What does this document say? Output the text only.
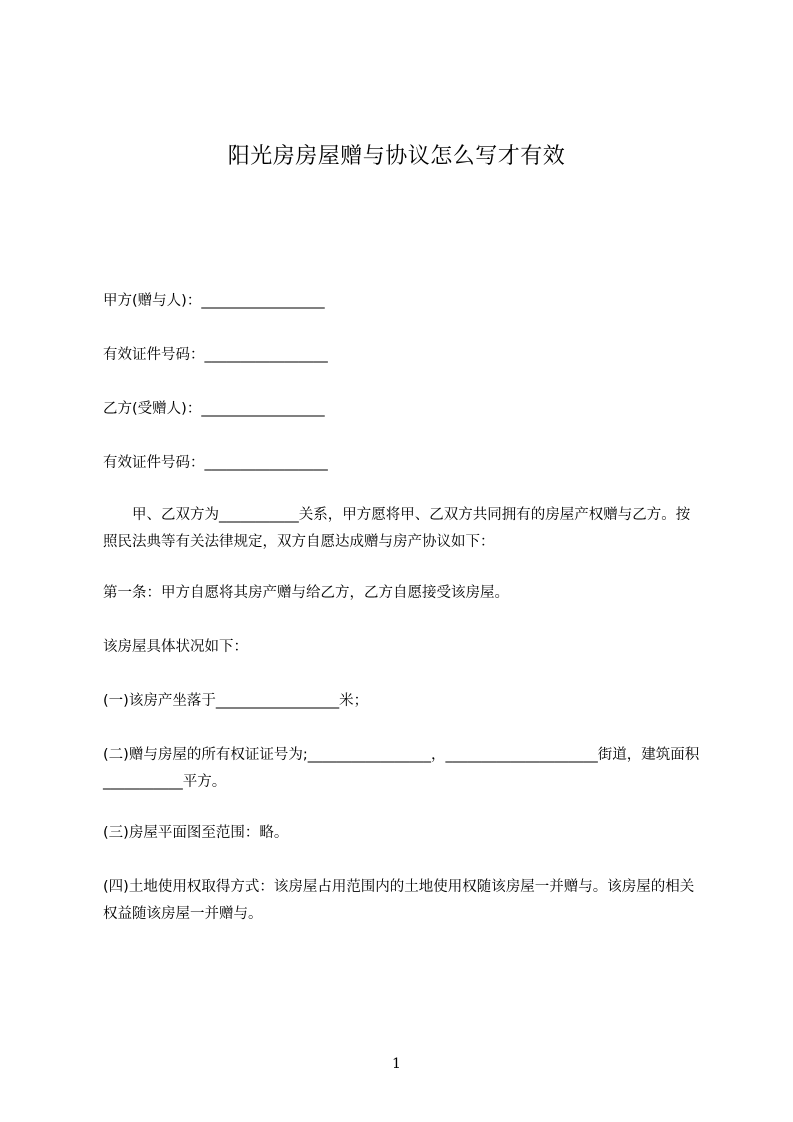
阳光房房屋赠与协议怎么写才有效
甲方(赠与人)：_________________
有效证件号码：_________________
乙方(受赠人)：_________________
有效证件号码：_________________
甲、乙双方为___________关系，甲方愿将甲、乙双方共同拥有的房屋产权赠与乙方。按照民法典等有关法律规定，双方自愿达成赠与房产协议如下：
第一条：甲方自愿将其房产赠与给乙方，乙方自愿接受该房屋。
该房屋具体状况如下：
(一)该房产坐落于_________________米；
(二)赠与房屋的所有权证证号为;_________________，_____________________街道，建筑面积___________平方。
(三)房屋平面图至范围：略。
(四)土地使用权取得方式：该房屋占用范围内的土地使用权随该房屋一并赠与。该房屋的相关权益随该房屋一并赠与。
1
